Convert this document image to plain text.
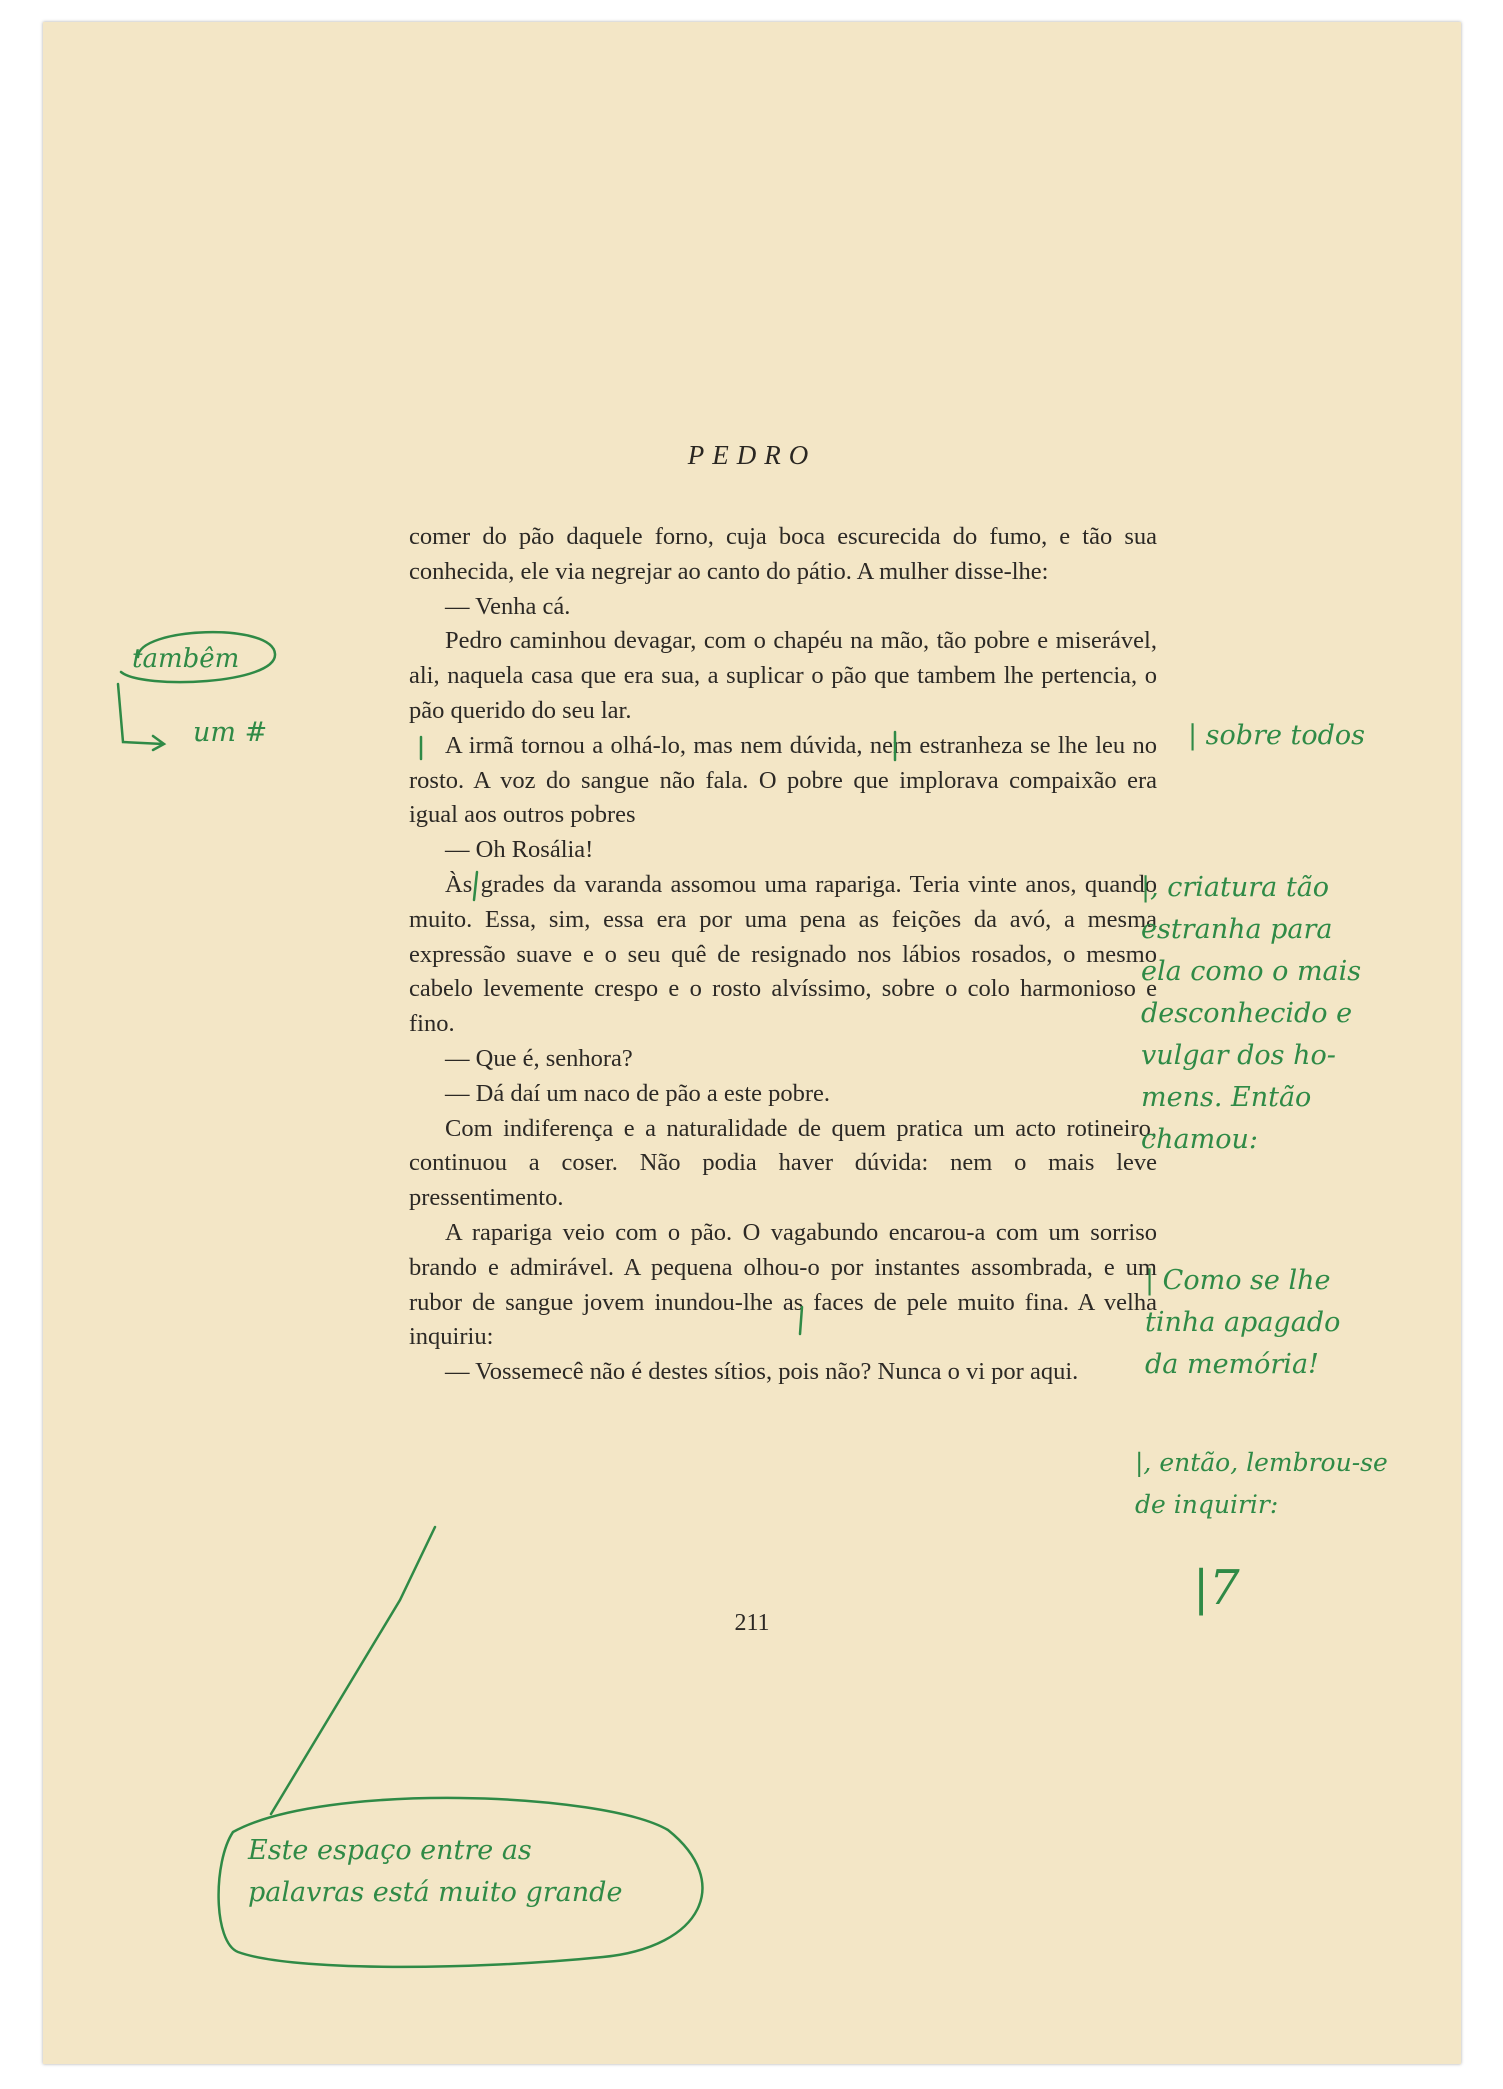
PEDRO

comer do pão daquele forno, cuja boca escurecida do fumo, e tão sua conhecida, ele via negrejar ao canto do pátio. A mulher disse-lhe:

— Venha cá.

Pedro caminhou devagar, com o chapéu na mão, tão pobre e miserável, ali, naquela casa que era sua, a suplicar o pão que tambem lhe pertencia, o pão querido do seu lar.

A irmã tornou a olhá-lo, mas nem dúvida, nem estranheza se lhe leu no rosto. A voz do sangue não fala. O pobre que implorava compaixão era igual aos outros pobres

— Oh Rosália!

Às grades da varanda assomou uma rapariga. Teria vinte anos, quando muito. Essa, sim, essa era por uma pena as feições da avó, a mesma expressão suave e o seu quê de resignado nos lábios rosados, o mesmo cabelo levemente crespo e o rosto alvíssimo, sobre o colo harmonioso e fino.

— Que é, senhora?

— Dá daí um naco de pão a este pobre.

Com indiferença e a naturalidade de quem pratica um acto rotineiro, continuou a coser. Não podia haver dúvida: nem o mais leve pressentimento.

A rapariga veio com o pão. O vagabundo encarou-a com um sorriso brando e admirável. A pequena olhou-o por instantes assombrada, e um rubor de sangue jovem inundou-lhe as faces de pele muito fina. A velha inquiriu:

— Vossemecê não é destes sítios, pois não? Nunca o vi por aqui.

211
tambêm
um #	| sobre todos
|, criatura tão
estranha para
ela como o mais
desconhecido e
vulgar dos ho-
mens. Então
chamou:
| Como se lhe
tinha apagado
da memória!
|, então, lembrou-se
de inquirir:
|7
Este espaço entre as
palavras está muito grande
